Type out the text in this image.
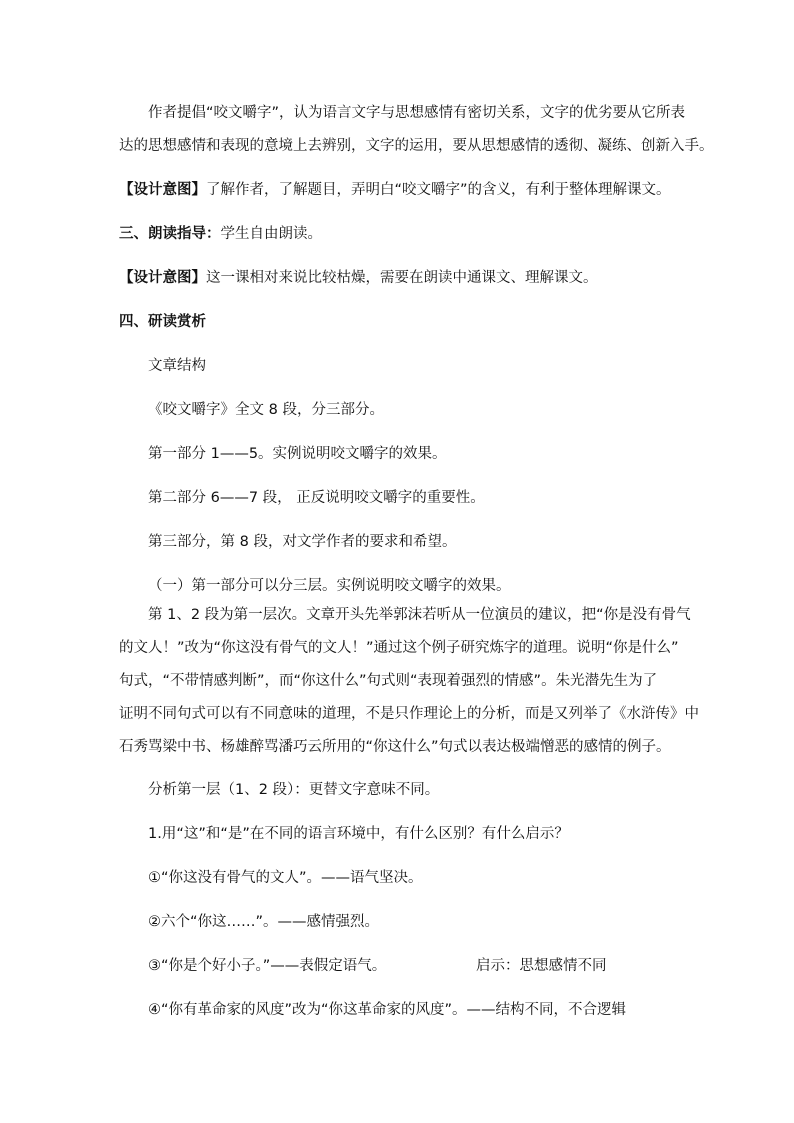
作者提倡“咬文嚼字”，认为语言文字与思想感情有密切关系，文字的优劣要从它所表
达的思想感情和表现的意境上去辨别，文字的运用，要从思想感情的透彻、凝练、创新入手。
【设计意图】了解作者，了解题目，弄明白“咬文嚼字”的含义，有利于整体理解课文。
三、朗读指导：学生自由朗读。
【设计意图】这一课相对来说比较枯燥，需要在朗读中通课文、理解课文。
四、研读赏析
文章结构
《咬文嚼字》全文 8 段，分三部分。
第一部分 1——5。实例说明咬文嚼字的效果。
第二部分 6——7 段， 正反说明咬文嚼字的重要性。
第三部分，第 8 段，对文学作者的要求和希望。
（一）第一部分可以分三层。实例说明咬文嚼字的效果。
第 1、2 段为第一层次。文章开头先举郭沫若听从一位演员的建议，把“你是没有骨气
的文人！”改为“你这没有骨气的文人！”通过这个例子研究炼字的道理。说明“你是什么”
句式，“不带情感判断”，而“你这什么”句式则“表现着强烈的情感”。朱光潜先生为了
证明不同句式可以有不同意味的道理，不是只作理论上的分析，而是又列举了《水浒传》中
石秀骂梁中书、杨雄醉骂潘巧云所用的“你这什么”句式以表达极端憎恶的感情的例子。
分析第一层（1、2 段）：更替文字意味不同。
1.用“这”和“是”在不同的语言环境中，有什么区别？有什么启示？
①“你这没有骨气的文人”。——语气坚决。
②六个“你这……”。——感情强烈。
③“你是个好小子。”——表假定语气。	启示：思想感情不同
④“你有革命家的风度”改为“你这革命家的风度”。——结构不同，不合逻辑
